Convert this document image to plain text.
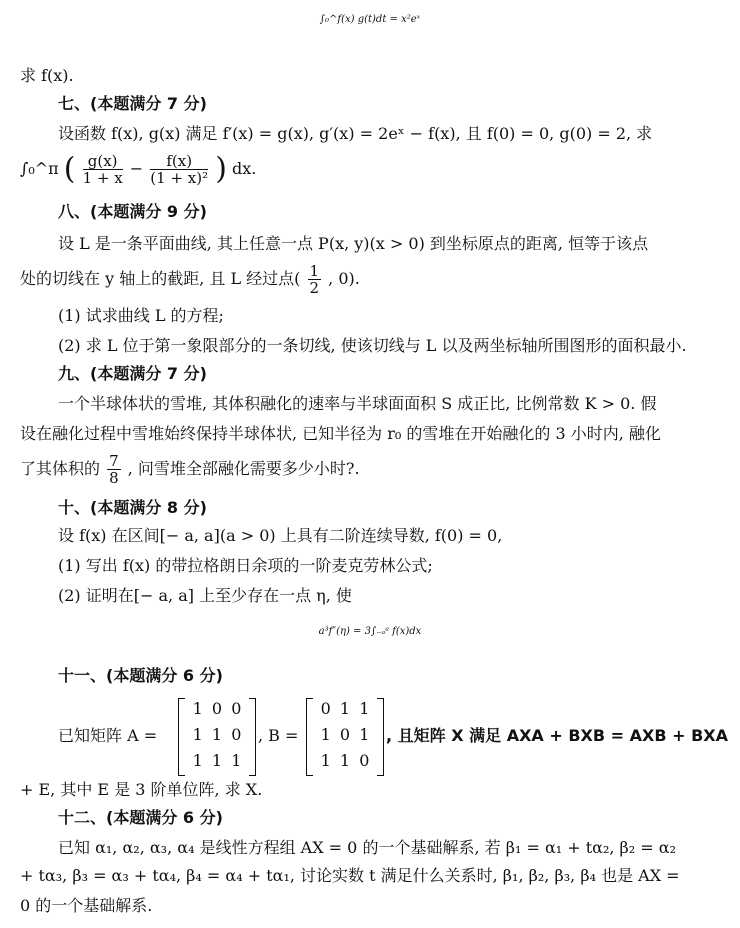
∫₀^f(x) g(t)dt = x²eˣ
求 f(x).
七、(本题满分 7 分)
设函数 f(x), g(x) 满足 f′(x) = g(x), g′(x) = 2eˣ − f(x), 且 f(0) = 0, g(0) = 2, 求
∫₀^π ( $\frac{g(x)}{1 + x} - \frac{f(x)}{\text{(1 + x)²}}$ ) dx.
八、(本题满分 9 分)
设 L 是一条平面曲线, 其上任意一点 P(x, y)(x > 0) 到坐标原点的距离, 恒等于该点
处的切线在 y 轴上的截距, 且 L 经过点( $\frac{1}{2}$ , 0).
(1) 试求曲线 L 的方程;
(2) 求 L 位于第一象限部分的一条切线, 使该切线与 L 以及两坐标轴所围图形的面积最小.
九、(本题满分 7 分)
一个半球体状的雪堆, 其体积融化的速率与半球面面积 S 成正比, 比例常数 K > 0. 假
设在融化过程中雪堆始终保持半球体状, 已知半径为 r₀ 的雪堆在开始融化的 3 小时内, 融化
了其体积的 $\frac{7}{8}$ , 问雪堆全部融化需要多少小时?.
十、(本题满分 8 分)
设 f(x) 在区间[− a, a](a > 0) 上具有二阶连续导数, f(0) = 0,
(1) 写出 f(x) 的带拉格朗日余项的一阶麦克劳林公式;
(2) 证明在[− a, a] 上至少存在一点 η, 使
a³f″(η) = 3∫₋ₐᵃ f(x)dx
十一、(本题满分 6 分)
已知矩阵 A =
1 0 0
1 1 0
1 1 1
, B =
0 1 1
1 0 1
1 1 0
, 且矩阵 X 满足 AXA + BXB = AXB + BXA
+ E, 其中 E 是 3 阶单位阵, 求 X.
十二、(本题满分 6 分)
已知 α₁, α₂, α₃, α₄ 是线性方程组 AX = 0 的一个基础解系, 若 β₁ = α₁ + tα₂, β₂ = α₂
+ tα₃, β₃ = α₃ + tα₄, β₄ = α₄ + tα₁, 讨论实数 t 满足什么关系时, β₁, β₂, β₃, β₄ 也是 AX =
0 的一个基础解系.
